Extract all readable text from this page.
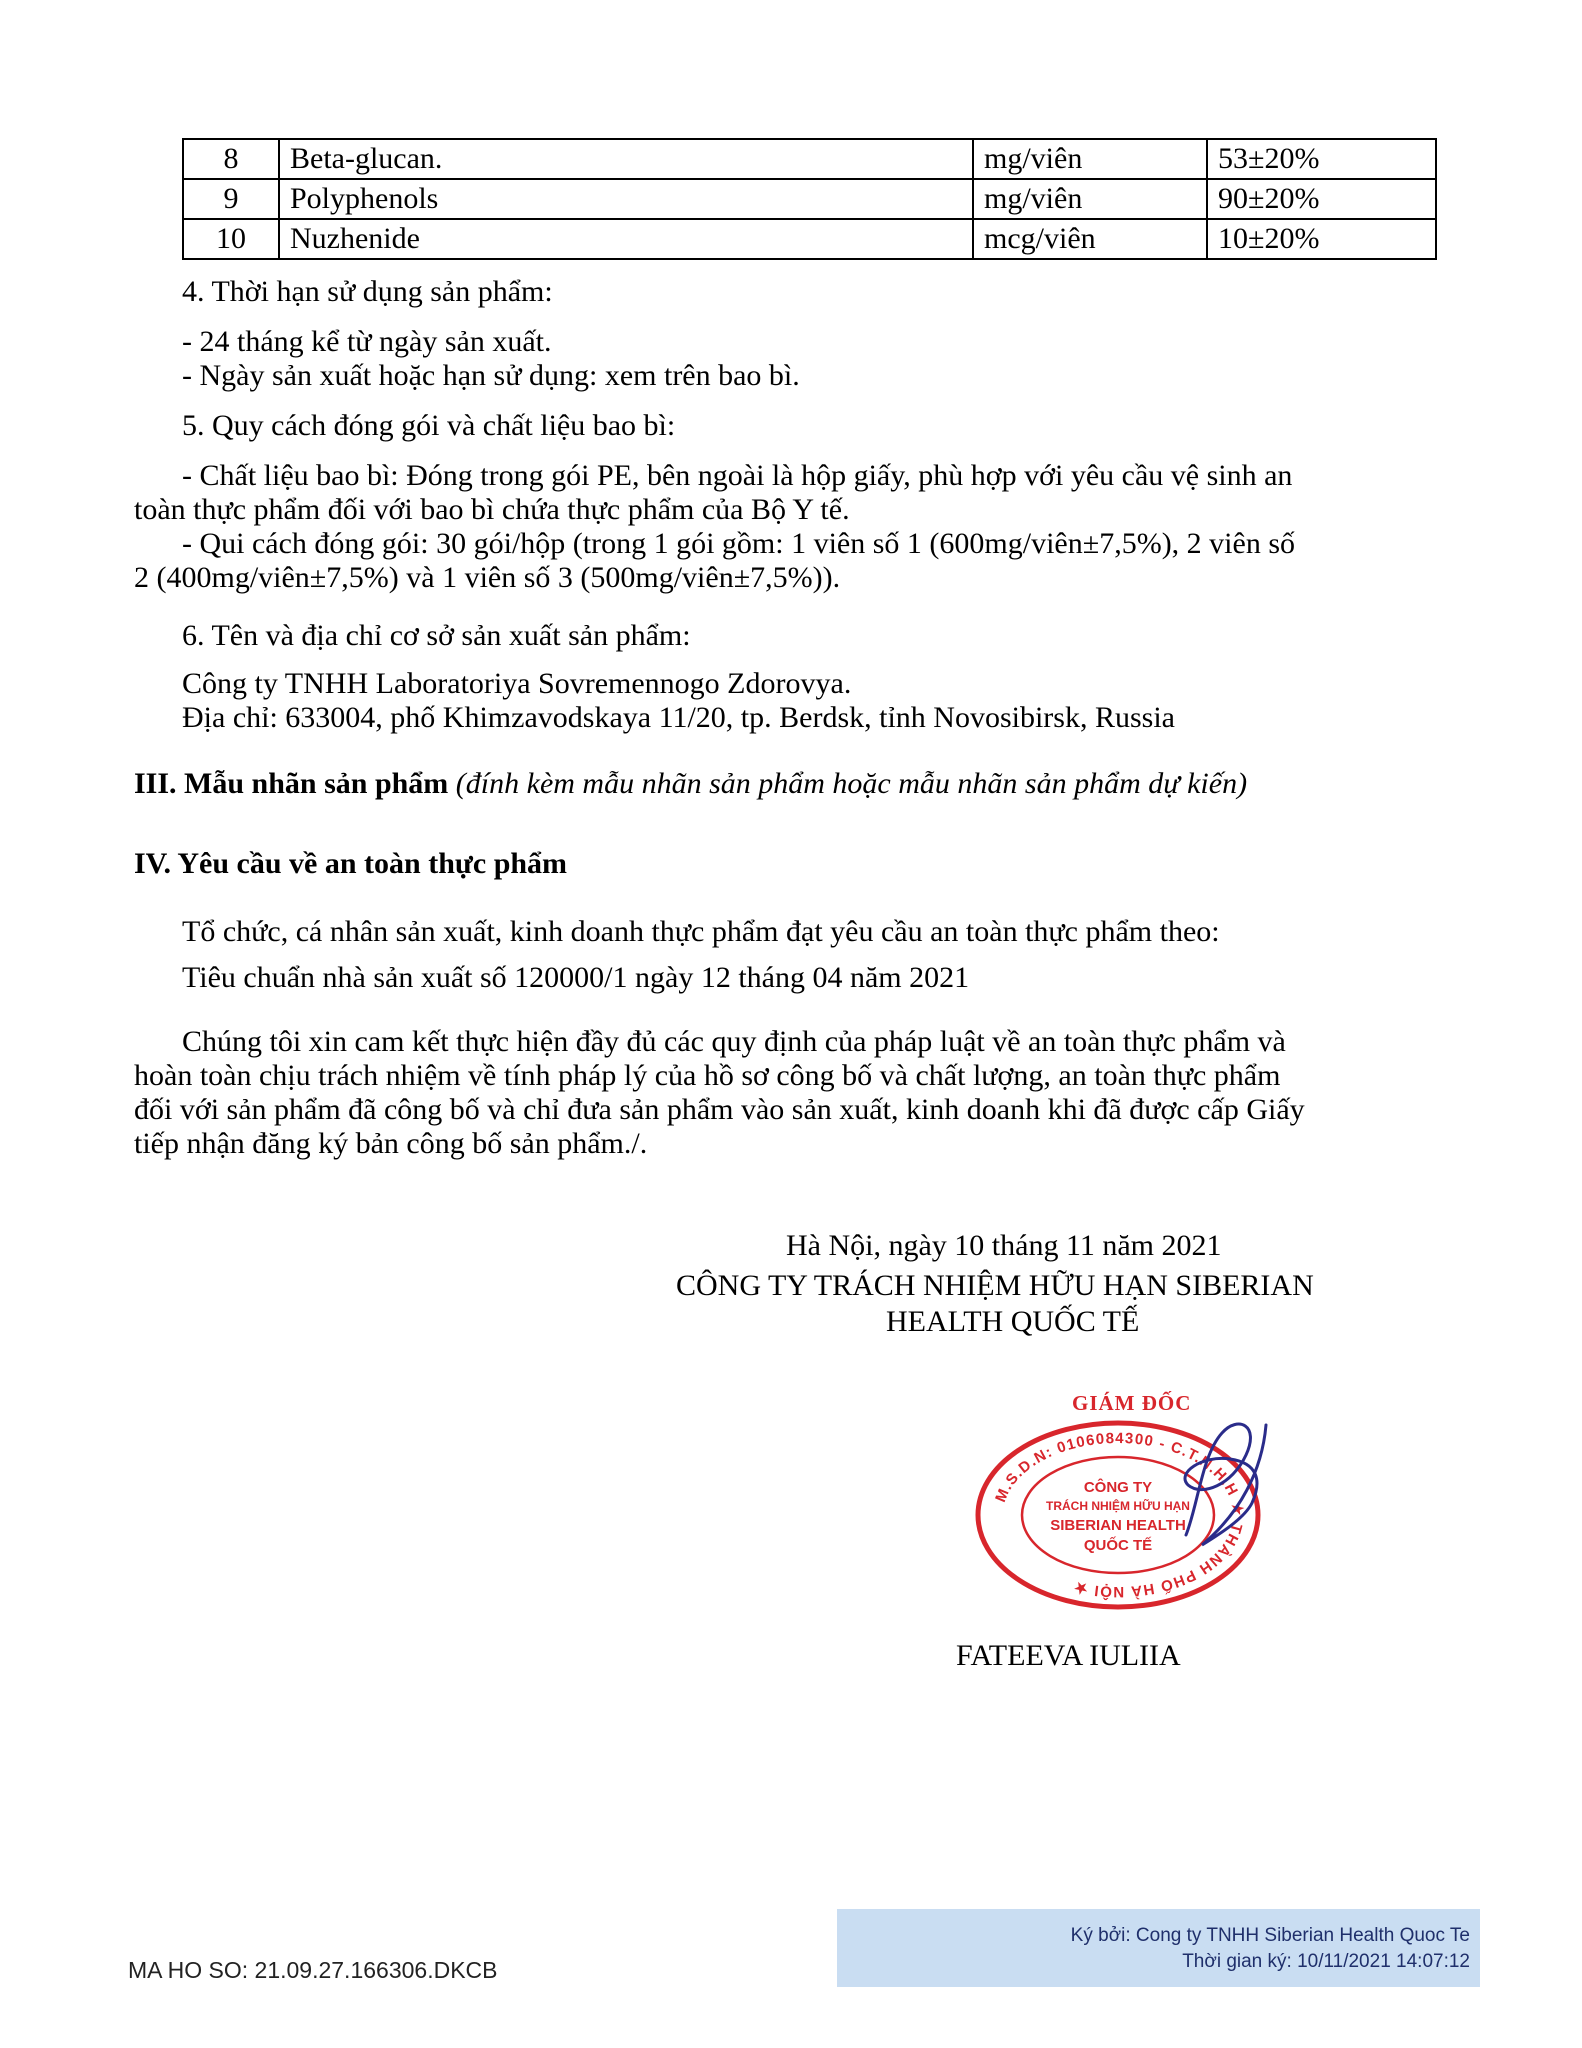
8	Beta-glucan.	mg/viên	53±20%
9	Polyphenols	mg/viên	90±20%
10	Nuzhenide	mcg/viên	10±20%
4. Thời hạn sử dụng sản phẩm:
- 24 tháng kể từ ngày sản xuất.
- Ngày sản xuất hoặc hạn sử dụng: xem trên bao bì.
5. Quy cách đóng gói và chất liệu bao bì:
- Chất liệu bao bì: Đóng trong gói PE, bên ngoài là hộp giấy, phù hợp với yêu cầu vệ sinh an
toàn thực phẩm đối với bao bì chứa thực phẩm của Bộ Y tế.
- Qui cách đóng gói: 30 gói/hộp (trong 1 gói gồm: 1 viên số 1 (600mg/viên±7,5%), 2 viên số
2 (400mg/viên±7,5%) và 1 viên số 3 (500mg/viên±7,5%)).
6. Tên và địa chỉ cơ sở sản xuất sản phẩm:
Công ty TNHH Laboratoriya Sovremennogo Zdorovya.
Địa chỉ: 633004, phố Khimzavodskaya 11/20, tp. Berdsk, tỉnh Novosibirsk, Russia
III. Mẫu nhãn sản phẩm (đính kèm mẫu nhãn sản phẩm hoặc mẫu nhãn sản phẩm dự kiến)
IV. Yêu cầu về an toàn thực phẩm
Tổ chức, cá nhân sản xuất, kinh doanh thực phẩm đạt yêu cầu an toàn thực phẩm theo:
Tiêu chuẩn nhà sản xuất số 120000/1 ngày 12 tháng 04 năm 2021
Chúng tôi xin cam kết thực hiện đầy đủ các quy định của pháp luật về an toàn thực phẩm và
hoàn toàn chịu trách nhiệm về tính pháp lý của hồ sơ công bố và chất lượng, an toàn thực phẩm
đối với sản phẩm đã công bố và chỉ đưa sản phẩm vào sản xuất, kinh doanh khi đã được cấp Giấy
tiếp nhận đăng ký bản công bố sản phẩm./.
Hà Nội, ngày 10 tháng 11 năm 2021
CÔNG TY TRÁCH NHIỆM HỮU HẠN SIBERIAN
HEALTH QUỐC TẾ
GIÁM ĐỐC
M.S.D.N: 0106084300 - C.T.N.H.H ★ THÀNH PHỐ HÀ NỘI ★
CÔNG TY
TRÁCH NHIỆM HỮU HẠN
SIBERIAN HEALTH
QUỐC TẾ
FATEEVA IULIIA
Ký bởi: Cong ty TNHH Siberian Health Quoc Te
Thời gian ký: 10/11/2021 14:07:12
MA HO SO: 21.09.27.166306.DKCB
